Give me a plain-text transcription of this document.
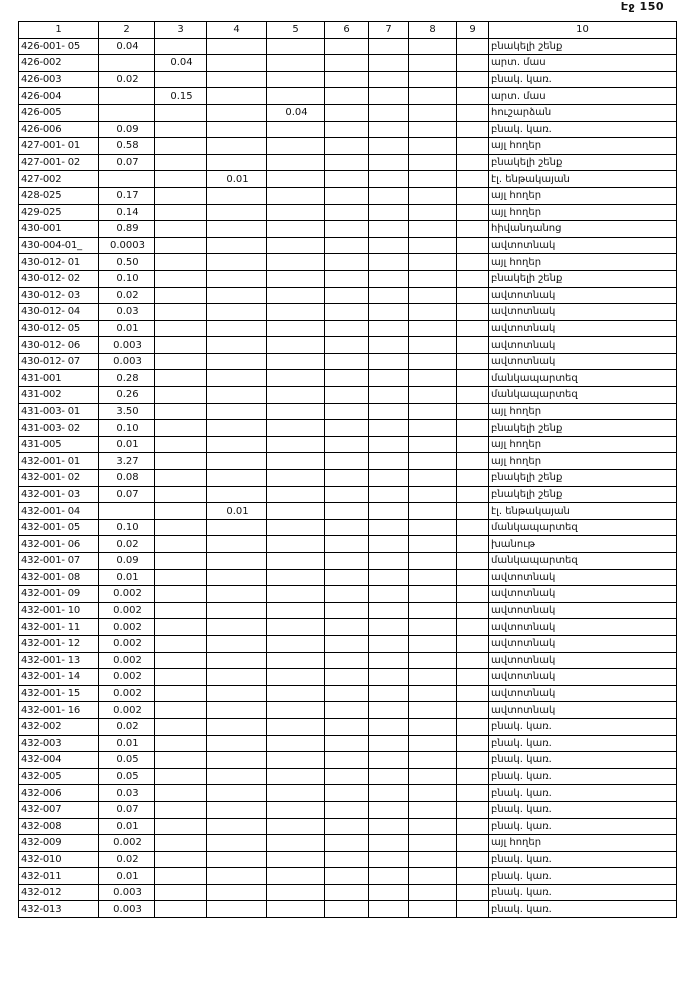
Էջ 150
1	2	3	4	5	6	7	8	9	10
426-001- 05	0.04								բնակելի շենք
426-002		0.04							արտ. մաս
426-003	0.02								բնակ. կառ.
426-004		0.15							արտ. մաս
426-005				0.04					հուշարձան
426-006	0.09								բնակ. կառ.
427-001- 01	0.58								այլ հողեր
427-001- 02	0.07								բնակելի շենք
427-002			0.01						էլ. ենթակայան
428-025	0.17								այլ հողեր
429-025	0.14								այլ հողեր
430-001	0.89								հիվանդանոց
430-004-01_	0.0003								ավտոտնակ
430-012- 01	0.50								այլ հողեր
430-012- 02	0.10								բնակելի շենք
430-012- 03	0.02								ավտոտնակ
430-012- 04	0.03								ավտոտնակ
430-012- 05	0.01								ավտոտնակ
430-012- 06	0.003								ավտոտնակ
430-012- 07	0.003								ավտոտնակ
431-001	0.28								մանկապարտեզ
431-002	0.26								մանկապարտեզ
431-003- 01	3.50								այլ հողեր
431-003- 02	0.10								բնակելի շենք
431-005	0.01								այլ հողեր
432-001- 01	3.27								այլ հողեր
432-001- 02	0.08								բնակելի շենք
432-001- 03	0.07								բնակելի շենք
432-001- 04			0.01						էլ. ենթակայան
432-001- 05	0.10								մանկապարտեզ
432-001- 06	0.02								խանութ
432-001- 07	0.09								մանկապարտեզ
432-001- 08	0.01								ավտոտնակ
432-001- 09	0.002								ավտոտնակ
432-001- 10	0.002								ավտոտնակ
432-001- 11	0.002								ավտոտնակ
432-001- 12	0.002								ավտոտնակ
432-001- 13	0.002								ավտոտնակ
432-001- 14	0.002								ավտոտնակ
432-001- 15	0.002								ավտոտնակ
432-001- 16	0.002								ավտոտնակ
432-002	0.02								բնակ. կառ.
432-003	0.01								բնակ. կառ.
432-004	0.05								բնակ. կառ.
432-005	0.05								բնակ. կառ.
432-006	0.03								բնակ. կառ.
432-007	0.07								բնակ. կառ.
432-008	0.01								բնակ. կառ.
432-009	0.002								այլ հողեր
432-010	0.02								բնակ. կառ.
432-011	0.01								բնակ. կառ.
432-012	0.003								բնակ. կառ.
432-013	0.003								բնակ. կառ.
